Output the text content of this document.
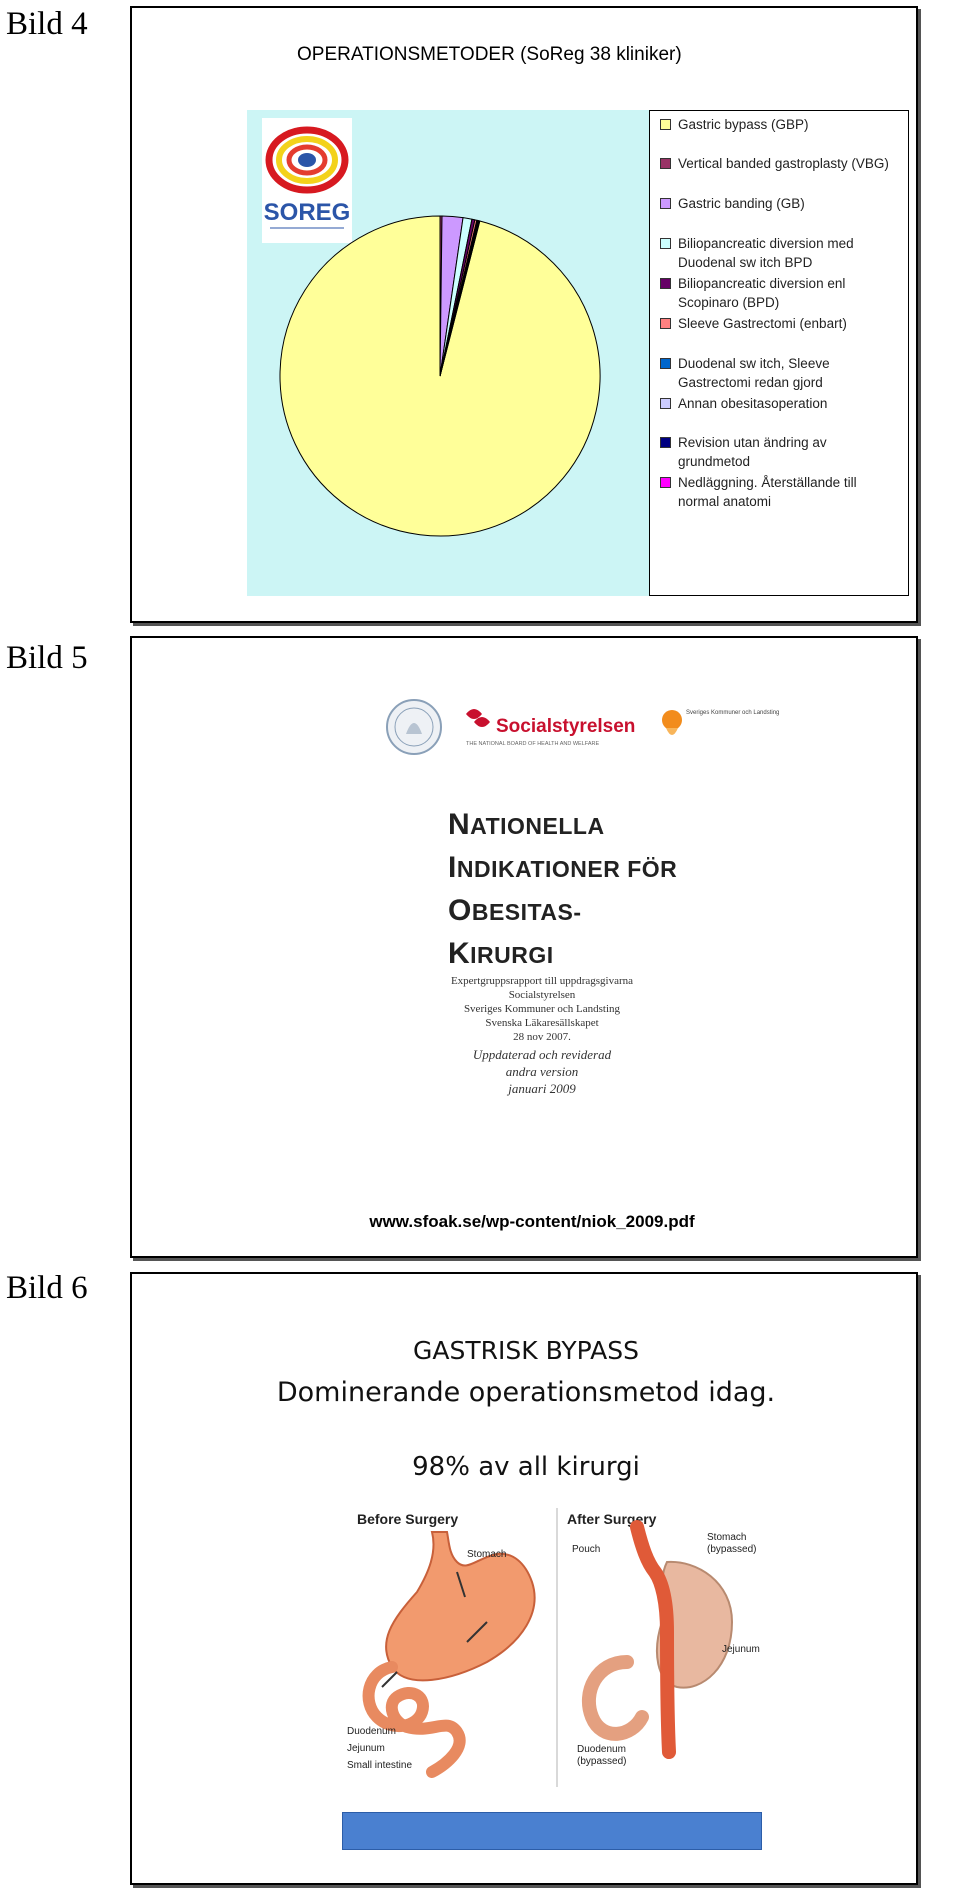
Bild 4
Bild 5
Bild 6
OPERATIONSMETODER (SoReg 38 kliniker)
SOREG
Gastric bypass (GBP)
Vertical banded gastroplasty (VBG)
Gastric banding (GB)
Biliopancreatic diversion med Duodenal sw itch BPD
Biliopancreatic diversion enl Scopinaro (BPD)
Sleeve Gastrectomi (enbart)
Duodenal sw itch, Sleeve Gastrectomi redan gjord
Annan obesitasoperation
Revision utan ändring av grundmetod
Nedläggning. Återställande till normal anatomi
Socialstyrelsen
THE NATIONAL BOARD OF HEALTH AND WELFARE
Sveriges Kommuner och Landsting
NATIONELLA
INDIKATIONER FÖR
OBESITAS-
KIRURGI
Expertgruppsrapport till uppdragsgivarna
Socialstyrelsen
Sveriges Kommuner och Landsting
Svenska Läkaresällskapet
28 nov 2007.
Uppdaterad och reviderad
andra version
januari 2009
www.sfoak.se/wp-content/niok_2009.pdf
GASTRISK BYPASS
Dominerande operationsmetod idag.
98% av all kirurgi
Before Surgery	After Surgery
Stomach
Duodenum
Jejunum
Small intestine
Pouch
Stomach
(bypassed)
Jejunum
Duodenum
(bypassed)
